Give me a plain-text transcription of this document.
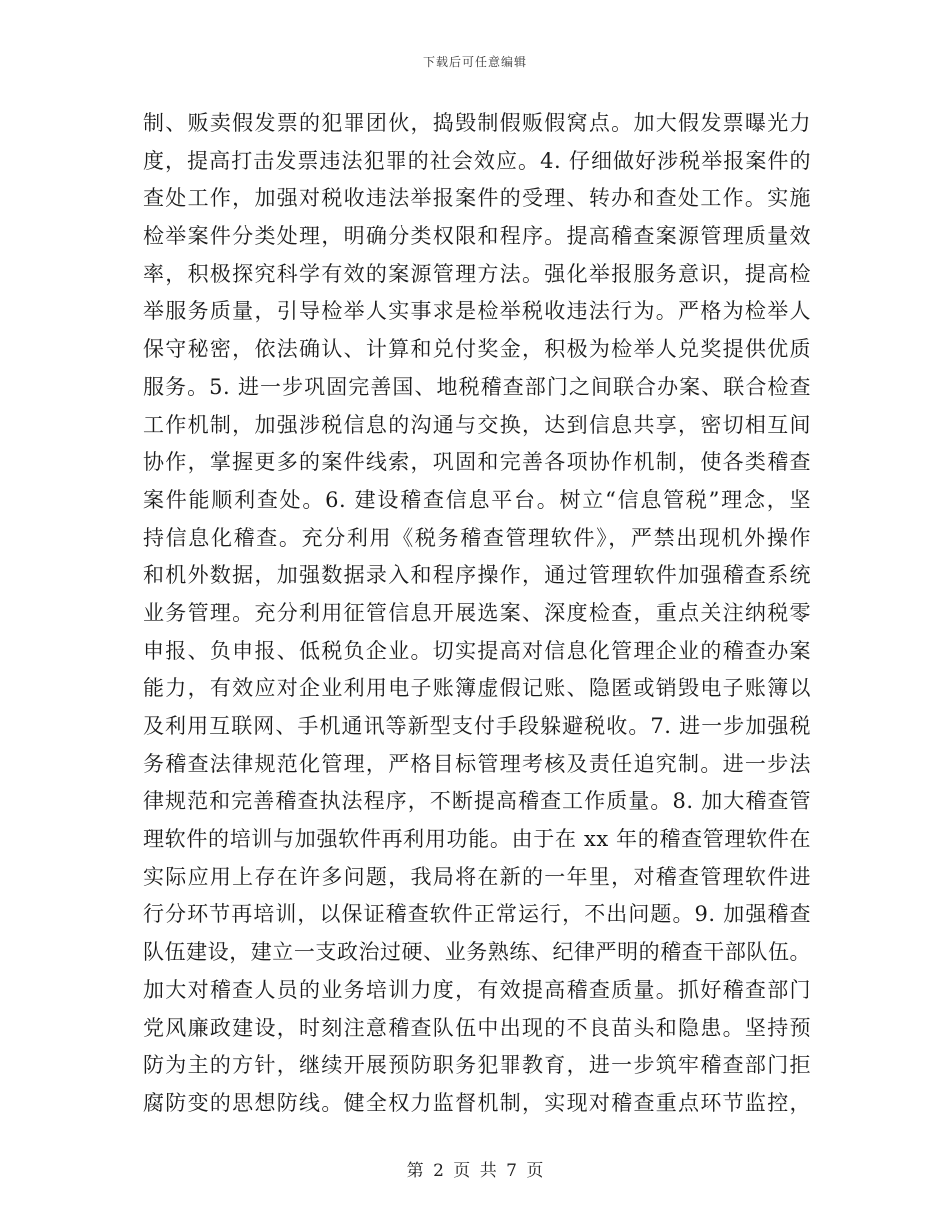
下载后可任意编辑
制、贩卖假发票的犯罪团伙，捣毁制假贩假窝点。加大假发票曝光力
度，提高打击发票违法犯罪的社会效应。4. 仔细做好涉税举报案件的
查处工作，加强对税收违法举报案件的受理、转办和查处工作。实施
检举案件分类处理，明确分类权限和程序。提高稽查案源管理质量效
率，积极探究科学有效的案源管理方法。强化举报服务意识，提高检
举服务质量，引导检举人实事求是检举税收违法行为。严格为检举人
保守秘密，依法确认、计算和兑付奖金，积极为检举人兑奖提供优质
服务。5. 进一步巩固完善国、地税稽查部门之间联合办案、联合检查
工作机制，加强涉税信息的沟通与交换，达到信息共享，密切相互间
协作，掌握更多的案件线索，巩固和完善各项协作机制，使各类稽查
案件能顺利查处。6. 建设稽查信息平台。树立“信息管税”理念，坚
持信息化稽查。充分利用《税务稽查管理软件》，严禁出现机外操作
和机外数据，加强数据录入和程序操作，通过管理软件加强稽查系统
业务管理。充分利用征管信息开展选案、深度检查，重点关注纳税零
申报、负申报、低税负企业。切实提高对信息化管理企业的稽查办案
能力，有效应对企业利用电子账簿虚假记账、隐匿或销毁电子账簿以
及利用互联网、手机通讯等新型支付手段躲避税收。7. 进一步加强税
务稽查法律规范化管理，严格目标管理考核及责任追究制。进一步法
律规范和完善稽查执法程序，不断提高稽查工作质量。8. 加大稽查管
理软件的培训与加强软件再利用功能。由于在 xx 年的稽查管理软件在
实际应用上存在许多问题，我局将在新的一年里，对稽查管理软件进
行分环节再培训，以保证稽查软件正常运行，不出问题。9. 加强稽查
队伍建设，建立一支政治过硬、业务熟练、纪律严明的稽查干部队伍。
加大对稽查人员的业务培训力度，有效提高稽查质量。抓好稽查部门
党风廉政建设，时刻注意稽查队伍中出现的不良苗头和隐患。坚持预
防为主的方针，继续开展预防职务犯罪教育，进一步筑牢稽查部门拒
腐防变的思想防线。健全权力监督机制，实现对稽查重点环节监控，
第 2 页 共 7 页
